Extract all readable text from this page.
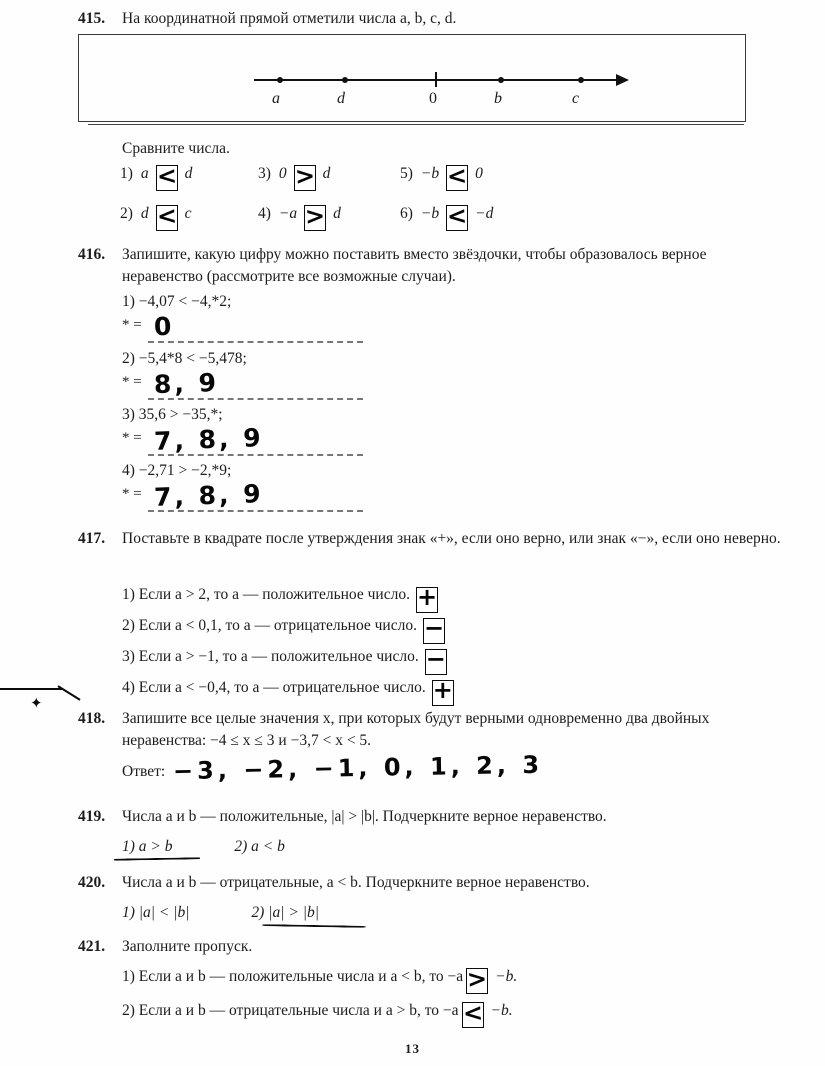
415. На координатной прямой отметили числа a, b, c, d.
a	d	0	b	c
Сравните числа.
1) a < d	3) 0 > d	5) −b < 0
2) d < c	4) −a > d	6) −b < −d
416. Запишите, какую цифру можно поставить вместо звёздочки, чтобы образовалось верное неравенство (рассмотрите все возможные случаи).
1) −4,07 < −4,*2;
* = 0
2) −5,4*8 < −5,478;
* = 8, 9
3) 35,6 > −35,*;
* = 7, 8, 9
4) −2,71 > −2,*9;
* = 7, 8, 9
417. Поставьте в квадрате после утверждения знак «+», если оно верно, или знак «−», если оно неверно.
1) Если a > 2, то a — положительное число. +
2) Если a < 0,1, то a — отрицательное число. −
3) Если a > −1, то a — положительное число. −
4) Если a < −0,4, то a — отрицательное число. +
✦
418. Запишите все целые значения x, при которых будут верными одновременно два двойных неравенства: −4 ≤ x ≤ 3 и −3,7 < x < 5.
Ответ: −3, −2, −1, 0, 1, 2, 3
419. Числа a и b — положительные, |a| > |b|. Подчеркните верное неравенство.
1) a > b	2) a < b
420. Числа a и b — отрицательные, a < b. Подчеркните верное неравенство.
1) |a| < |b|	2) |a| > |b|
421. Заполните пропуск.
1) Если a и b — положительные числа и a < b, то −a > −b.
2) Если a и b — отрицательные числа и a > b, то −a < −b.
13
